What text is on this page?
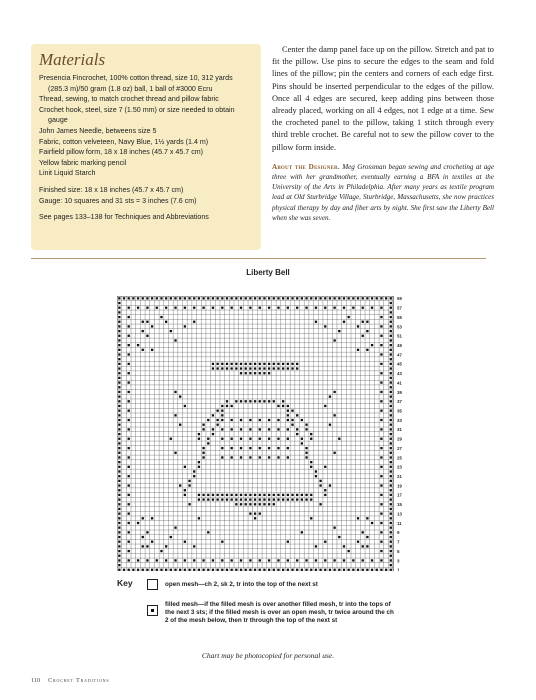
Materials

Presencia Fincrochet, 100% cotton thread, size 10, 312 yards

(285.3 m)/50 gram (1.8 oz) ball, 1 ball of #3000 Ecru

Thread, sewing, to match crochet thread and pillow fabric

Crochet hook, steel, size 7 (1.50 mm) or size needed to obtain

gauge

John James Needle, betweens size 5

Fabric, cotton velveteen, Navy Blue, 1½ yards (1.4 m)

Fairfield pillow form, 18 x 18 inches (45.7 x 45.7 cm)

Yellow fabric marking pencil

Linit Liquid Starch

Finished size: 18 x 18 inches (45.7 x 45.7 cm)

Gauge: 10 squares and 31 sts = 3 inches (7.6 cm)

See pages 133–138 for Techniques and Abbreviations

Center the damp panel face up on the pillow. Stretch and pat to fit the pillow. Use pins to secure the edges to the seam and fold lines of the pillow; pin the centers and corners of each edge first. Pins should be inserted perpendicular to the edges of the pillow. Once all 4 edges are secured, keep adding pins between those already placed, working on all 4 edges, not 1 edge at a time. Sew the crocheted panel to the pillow, taking 1 stitch through every third treble crochet. Be careful not to sew the pillow cover to the pillow form inside.

About the Designer. Meg Grossman began sewing and crocheting at age three with her grandmother, eventually earning a BFA in textiles at the University of the Arts in Philadelphia. After many years as textile program lead at Old Sturbridge Village, Sturbridge, Massachusetts, she now practices physical therapy by day and fiber arts by night. She first saw the Liberty Bell when she was seven.
Liberty Bell
59
57
55
53
51
49
47
45
43
41
39
37
35
33
31
29
27
25
23
21
19
17
15
13
11
9
7
5
3
1
Key	open mesh—ch 2, sk 2, tr into the top of the next st
filled mesh—if the filled mesh is over another filled mesh, tr into the tops of
the next 3 sts; if the filled mesh is over an open mesh, tr twice around the ch
2 of the mesh below, then tr through the top of the next st
Chart may be photocopied for personal use.
110 Crochet Traditions
